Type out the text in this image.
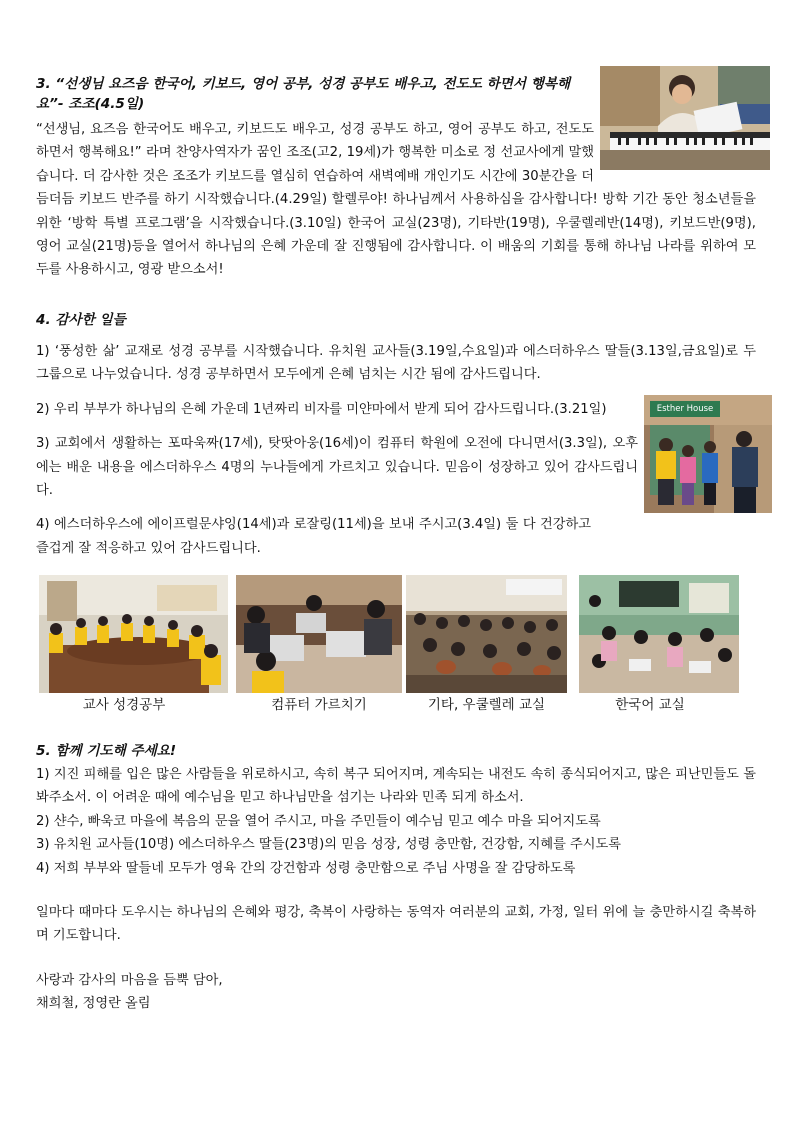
3. “선생님 요즈음 한국어, 키보드, 영어 공부, 성경 공부도 배우고, 전도도 하면서 행복해요”- 조조(4.5일)

“선생님, 요즈음 한국어도 배우고, 키보드도 배우고, 성경 공부도 하고, 영어 공부도 하고, 전도도 하면서 행복해요!” 라며 찬양사역자가 꿈인 조조(고2, 19세)가 행복한 미소로 정 선교사에게 말했습니다. 더 감사한 것은 조조가 키보드를 열심히 연습하여 새벽예배 개인기도 시간에 30분간을 더듬더듬 키보드 반주를 하기 시작했습니다.(4.29일) 할렐루야! 하나님께서 사용하심을 감사합니다! 방학 기간 동안 청소년들을 위한 ‘방학 특별 프로그램’을 시작했습니다.(3.10일) 한국어 교실(23명), 기타반(19명), 우쿨렐레반(14명), 키보드반(9명), 영어 교실(21명)등을 열어서 하나님의 은혜 가운데 잘 진행됨에 감사합니다. 이 배움의 기회를 통해 하나님 나라를 위하여 모두를 사용하시고, 영광 받으소서!

4. 감사한 일들

1) ‘풍성한 삶’ 교재로 성경 공부를 시작했습니다. 유치원 교사들(3.19일,수요일)과 에스더하우스 딸들(3.13일,금요일)로 두 그룹으로 나누었습니다. 성경 공부하면서 모두에게 은혜 넘치는 시간 됨에 감사드립니다.

Esther House

2) 우리 부부가 하나님의 은혜 가운데 1년짜리 비자를 미얀마에서 받게 되어 감사드립니다.(3.21일)

3) 교회에서 생활하는 포따욱짜(17세), 탓땃아웅(16세)이 컴퓨터 학원에 오전에 다니면서(3.3일), 오후에는 배운 내용을 에스더하우스 4명의 누나들에게 가르치고 있습니다. 믿음이 성장하고 있어 감사드립니다.

4) 에스더하우스에 에이프럴문샤잉(14세)과 로잘링(11세)을 보내 주시고(3.4일) 둘 다 건강하고 즐겁게 잘 적응하고 있어 감사드립니다.

교사 성경공부	컴퓨터 가르치기	기타, 우쿨렐레 교실	한국어 교실
5. 함께 기도해 주세요!

1) 지진 피해를 입은 많은 사람들을 위로하시고, 속히 복구 되어지며, 계속되는 내전도 속히 종식되어지고, 많은 피난민들도 돌봐주소서. 이 어려운 때에 예수님을 믿고 하나님만을 섬기는 나라와 민족 되게 하소서.

2) 샨수, 빠욱코 마을에 복음의 문을 열어 주시고, 마을 주민들이 예수님 믿고 예수 마을 되어지도록

3) 유치원 교사들(10명) 에스더하우스 딸들(23명)의 믿음 성장, 성령 충만함, 건강함, 지혜를 주시도록

4) 저희 부부와 딸들네 모두가 영육 간의 강건함과 성령 충만함으로 주님 사명을 잘 감당하도록

일마다 때마다 도우시는 하나님의 은혜와 평강, 축복이 사랑하는 동역자 여러분의 교회, 가정, 일터 위에 늘 충만하시길 축복하며 기도합니다.

사랑과 감사의 마음을 듬뿍 담아,

채희철, 정영란 올림
